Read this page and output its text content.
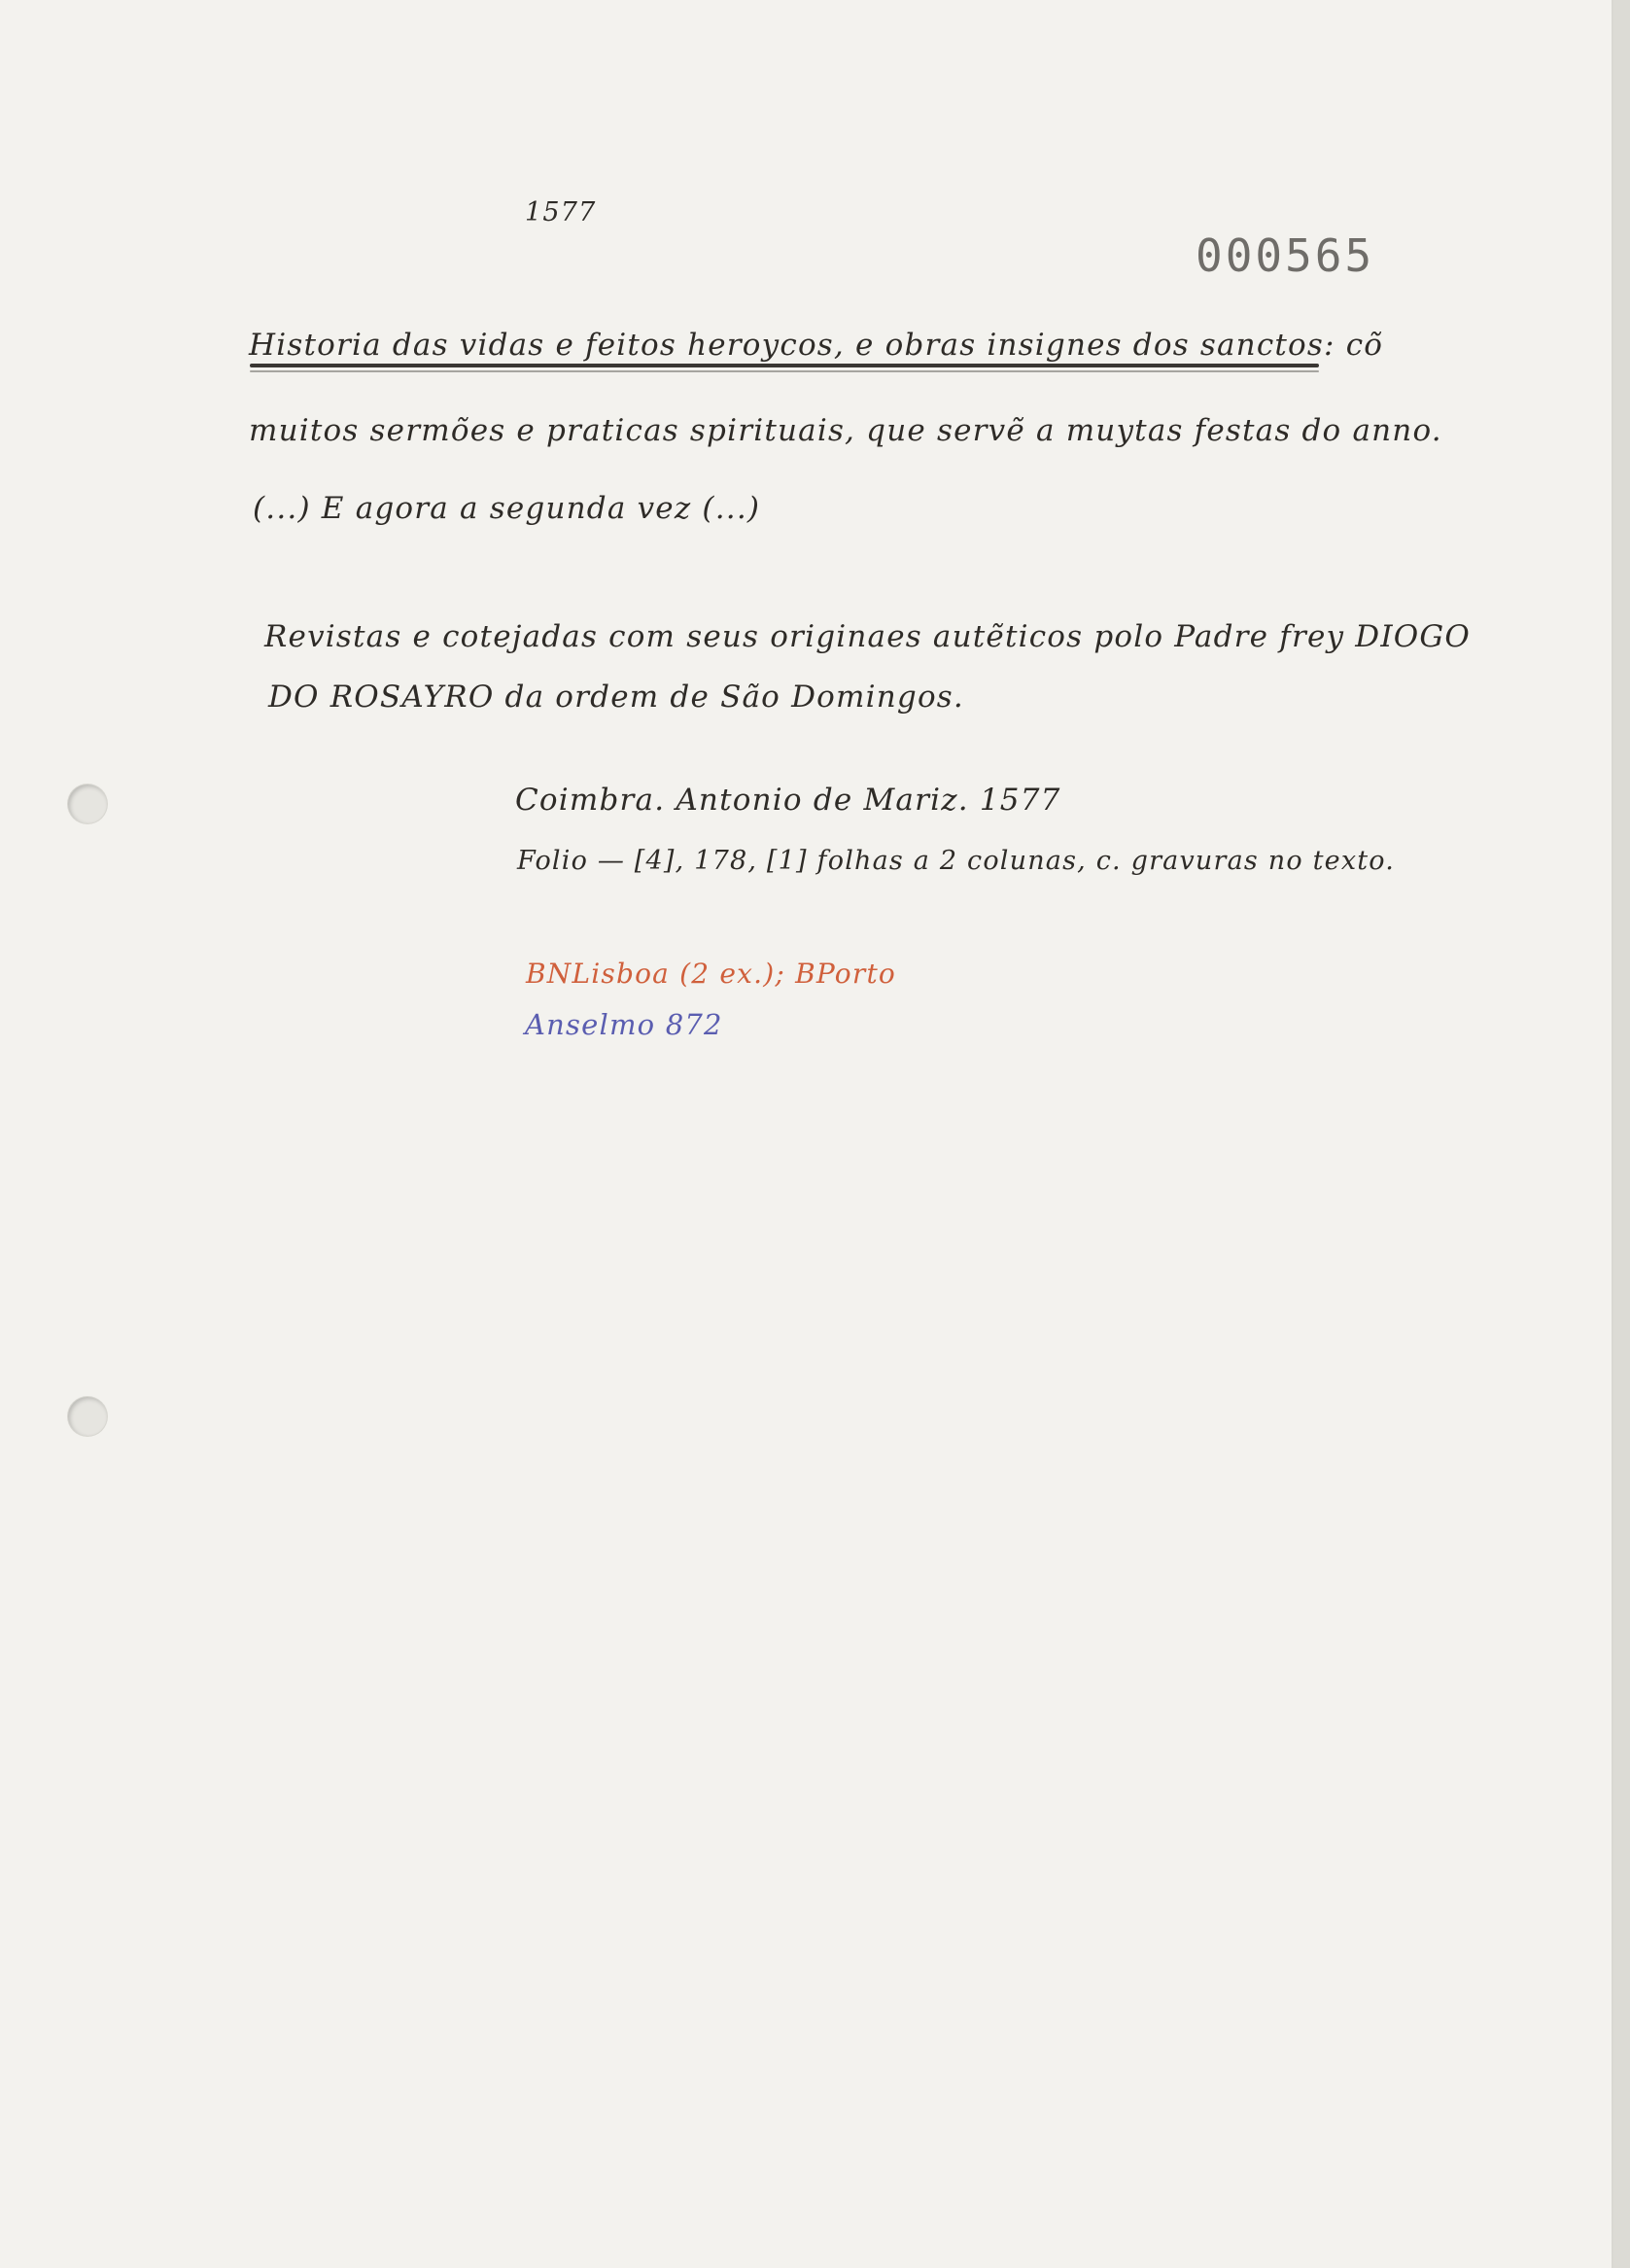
1577
000565
Historia das vidas e feitos heroycos, e obras insignes dos sanctos: cõ
muitos sermões e praticas spirituais, que servẽ a muytas festas do anno.
(...) E agora a segunda vez (...)
Revistas e cotejadas com seus originaes autẽticos polo Padre frey DIOGO
DO ROSAYRO da ordem de São Domingos.
Coimbra. Antonio de Mariz. 1577
Folio — [4], 178, [1] folhas a 2 colunas, c. gravuras no texto.
BNLisboa (2 ex.); BPorto
Anselmo 872
